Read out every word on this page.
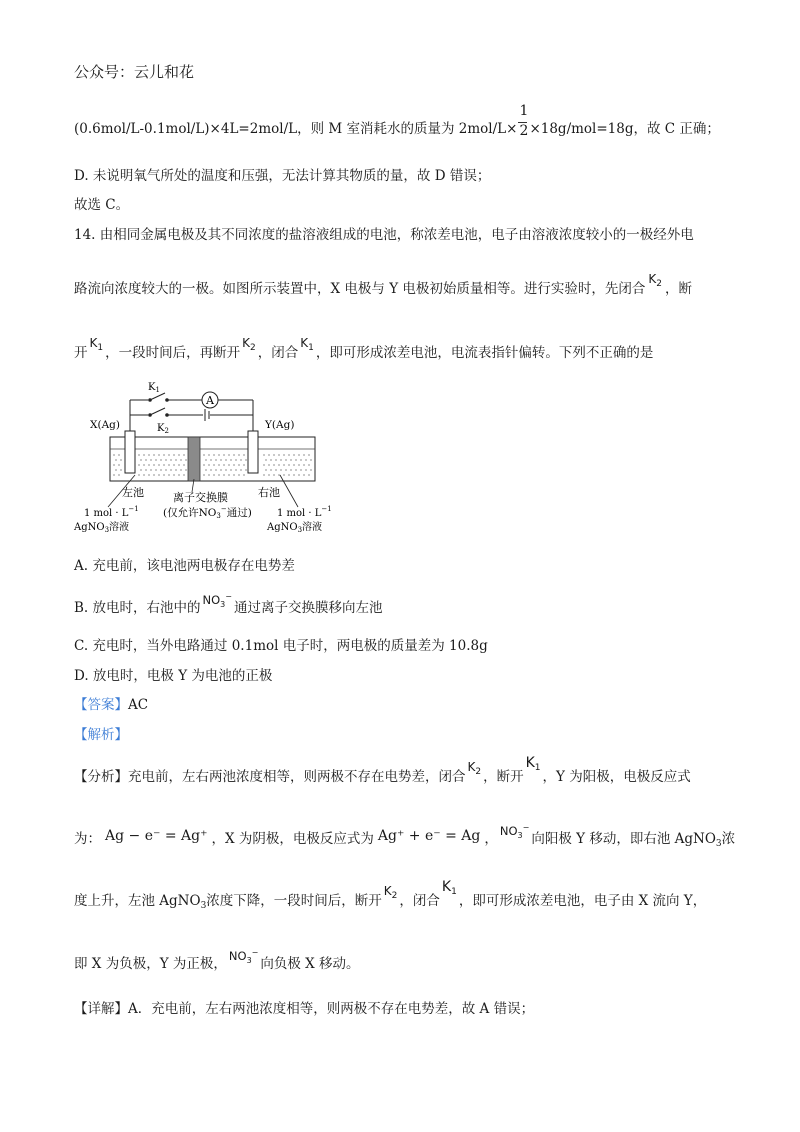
公众号：云儿和花
(0.6mol/L-0.1mol/L)×4L=2mol/L，则 M 室消耗水的质量为 $2mol/L\times \frac{1}{2} \times 18g/mol=18g$，故 C 正确；
D. 未说明氧气所处的温度和压强，无法计算其物质的量，故 D 错误；
故选 C。
14. 由相同金属电极及其不同浓度的盐溶液组成的电池，称浓差电池，电子由溶液浓度较小的一极经外电
路流向浓度较大的一极。如图所示装置中，X 电极与 Y 电极初始质量相等。进行实验时，先闭合$K_2$ ，断
开$K_1$ ，一段时间后，再断开$K_2$ ，闭合$K_1$ ，即可形成浓差电池，电流表指针偏转。下列不正确的是
A
$K_1$
$K_2$
X(Ag)	Y(Ag)
左池	右池
离子交换膜
(仅允许NO3−通过)
1 mol · $L^{-1}$
AgNO$_3$溶液
1 mol · $L^{-1}$
AgNO$_3$溶液
A. 充电前，该电池两电极存在电势差
B. 放电时，右池中的 $NO_3^-$通过离子交换膜移向左池
C. 充电时，当外电路通过 0.1mol 电子时，两电极的质量差为 10.8g
D. 放电时，电极 Y 为电池的正极
【答案】AC
【解析】
【分析】充电前，左右两池浓度相等，则两极不存在电势差，闭合$K_2$ ，断开$K_1$，Y 为阳极，电极反应式
为： Ag − e⁻ = Ag⁺ ，X 为阴极，电极反应式为 Ag⁺ + e⁻ = Ag ， $NO_3^-$向阳极 Y 移动，即右池 AgNO$_3$浓
度上升，左池 AgNO$_3$浓度下降，一段时间后，断开$K_2$ ，闭合$K_1$，即可形成浓差电池，电子由 X 流向 Y，
即 X 为负极，Y 为正极， $NO_3^-$向负极 X 移动。
【详解】A．充电前，左右两池浓度相等，则两极不存在电势差，故 A 错误；
